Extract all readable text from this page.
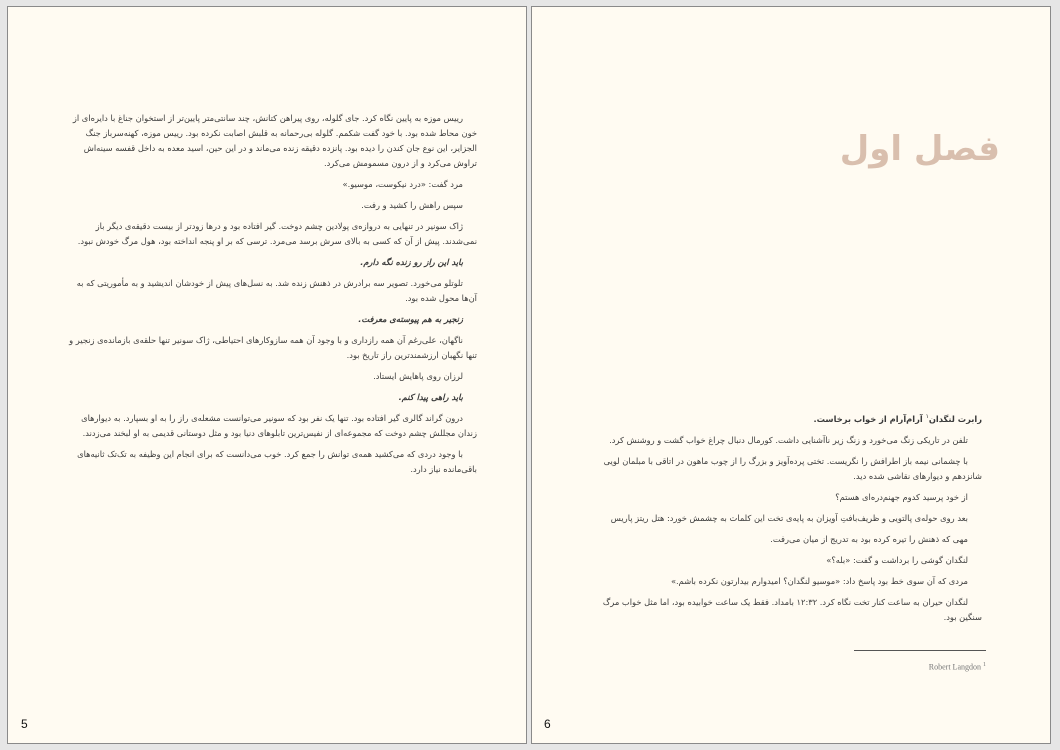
​

رییس موزه به پایین نگاه کرد. جای گلوله، روی پیراهن کتانش، چند سانتی‌متر پایین‌تر از استخوان جناغ با دایره‌ای از خون محاط شده بود. با خود گفت شکمم. گلوله بی‌رحمانه به قلبش اصابت نکرده بود. رییس موزه، کهنه‌سرباز جنگ الجزایر، این نوع جان کندن را دیده بود. پانزده دقیقه زنده می‌ماند و در این حین، اسید معده به داخل قفسه سینه‌اش تراوش می‌کرد و از درون مسمومش می‌کرد.

مرد گفت: «درد نیکوست، موسیو.»

سپس راهش را کشید و رفت.

ژاک سونیر در تنهایی به دروازه‌ی پولادین چشم دوخت. گیر افتاده بود و درها زودتر از بیست دقیقه‌ی دیگر باز نمی‌شدند. پیش از آن که کسی به بالای سرش برسد می‌مرد. ترسی که بر او پنجه انداخته بود، هول مرگ خودش نبود.

باید این راز رو زنده نگه دارم.

تلوتلو می‌خورد. تصویر سه برادرش در ذهنش زنده شد. به نسل‌های پیش از خودشان اندیشید و به مأموریتی که به آن‌ها محول شده بود.

زنجیر به هم پیوسته‌ی معرفت.

ناگهان، علی‌رغم آن همه رازداری و با وجود آن همه سازوکارهای احتیاطی، ژاک سونیر تنها حلقه‌ی بازمانده‌ی زنجیر و تنها نگهبان ارزشمندترین راز تاریخ بود.

لرزان روی پاهایش ایستاد.

باید راهی پیدا کنم.

درون گراند گالری گیر افتاده بود. تنها یک نفر بود که سونیر می‌توانست مشعله‌ی راز را به او بسپارد. به دیوارهای زندان مجللش چشم دوخت که مجموعه‌ای از نفیس‌ترین تابلوهای دنیا بود و مثل دوستانی قدیمی به او لبخند می‌زدند.

با وجود دردی که می‌کشید همه‌ی توانش را جمع کرد. خوب می‌دانست که برای انجام این وظیفه به تک‌تک ثانیه‌های باقی‌مانده نیاز دارد.

5
فصل اول

رابرت لنگدان$^۱$ آرام‌آرام از خواب برخاست.

تلفن در تاریکی زنگ می‌خورد و زنگ زیر ناآشنایی داشت. کورمال دنبال چراغ خواب گشت و روشنش کرد.

با چشمانی نیمه باز اطرافش را نگریست. تختی پرده‌آویز و بزرگ را از چوب ماهون در اتاقی با مبلمان لویی شانزدهم و دیوارهای نقاشی شده دید.

از خود پرسید کدوم جهنم‌دره‌ای هستم؟

بعد روی حوله‌ی پالتویی و ظریف‌بافتِ آویزان به پایه‌ی تخت این کلمات به چشمش خورد: هتل ریتز پاریس

مهی که ذهنش را تیره کرده بود به تدریج از میان می‌رفت.

لنگدان گوشی را برداشت و گفت: «بله؟»

مردی که آن سوی خط بود پاسخ داد: «موسیو لنگدان؟ امیدوارم بیدارتون نکرده باشم.»

لنگدان حیران به ساعت کنار تخت نگاه کرد. ۱۲:۳۲ بامداد. فقط یک ساعت خوابیده بود، اما مثل خواب مرگ سنگین بود.

Robert Langdon $^1$
6
